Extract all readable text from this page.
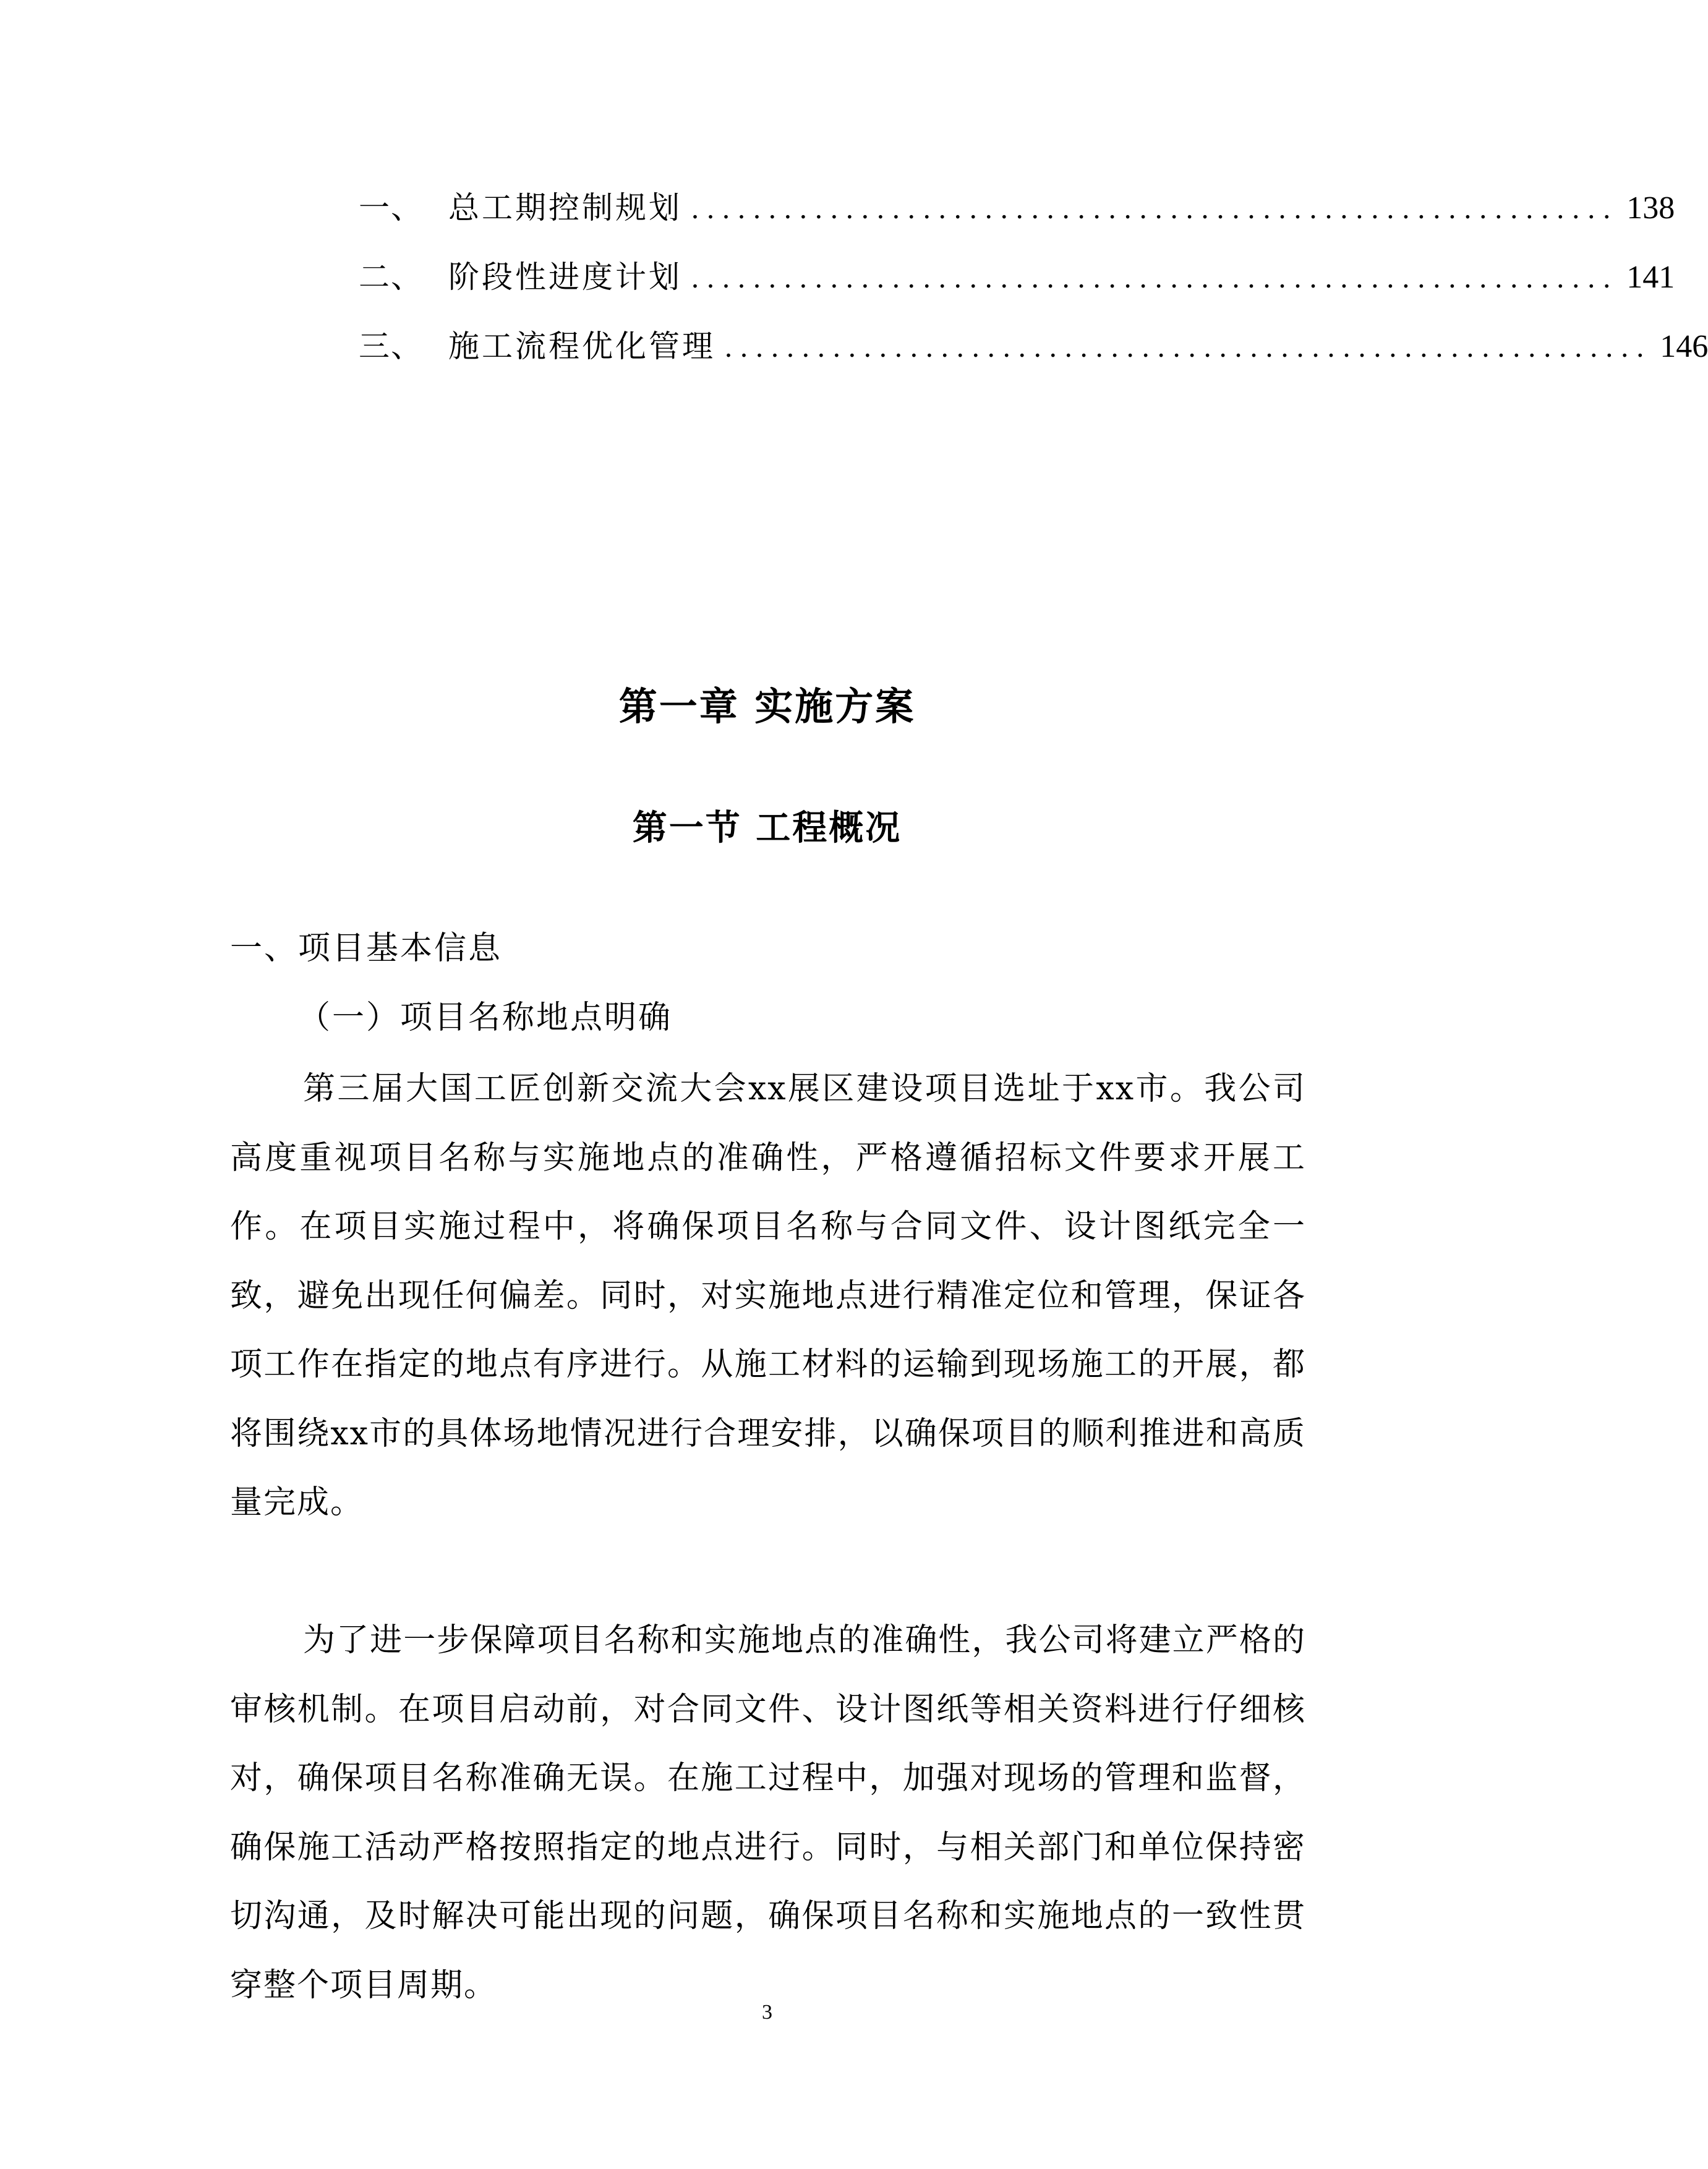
一、 总工期控制规划 ............................................................ 138
二、 阶段性进度计划 ............................................................ 141
三、 施工流程优化管理 ............................................................ 146
第一章 实施方案
第一节 工程概况
一、项目基本信息
（一）项目名称地点明确

第三届大国工匠创新交流大会xx展区建设项目选址于xx市。我公司高度重视项目名称与实施地点的准确性，严格遵循招标文件要求开展工作。在项目实施过程中，将确保项目名称与合同文件、设计图纸完全一致，避免出现任何偏差。同时，对实施地点进行精准定位和管理，保证各项工作在指定的地点有序进行。从施工材料的运输到现场施工的开展，都将围绕xx市的具体场地情况进行合理安排，以确保项目的顺利推进和高质量完成。

为了进一步保障项目名称和实施地点的准确性，我公司将建立严格的审核机制。在项目启动前，对合同文件、设计图纸等相关资料进行仔细核对，确保项目名称准确无误。在施工过程中，加强对现场的管理和监督，确保施工活动严格按照指定的地点进行。同时，与相关部门和单位保持密切沟通，及时解决可能出现的问题，确保项目名称和实施地点的一致性贯穿整个项目周期。

3
